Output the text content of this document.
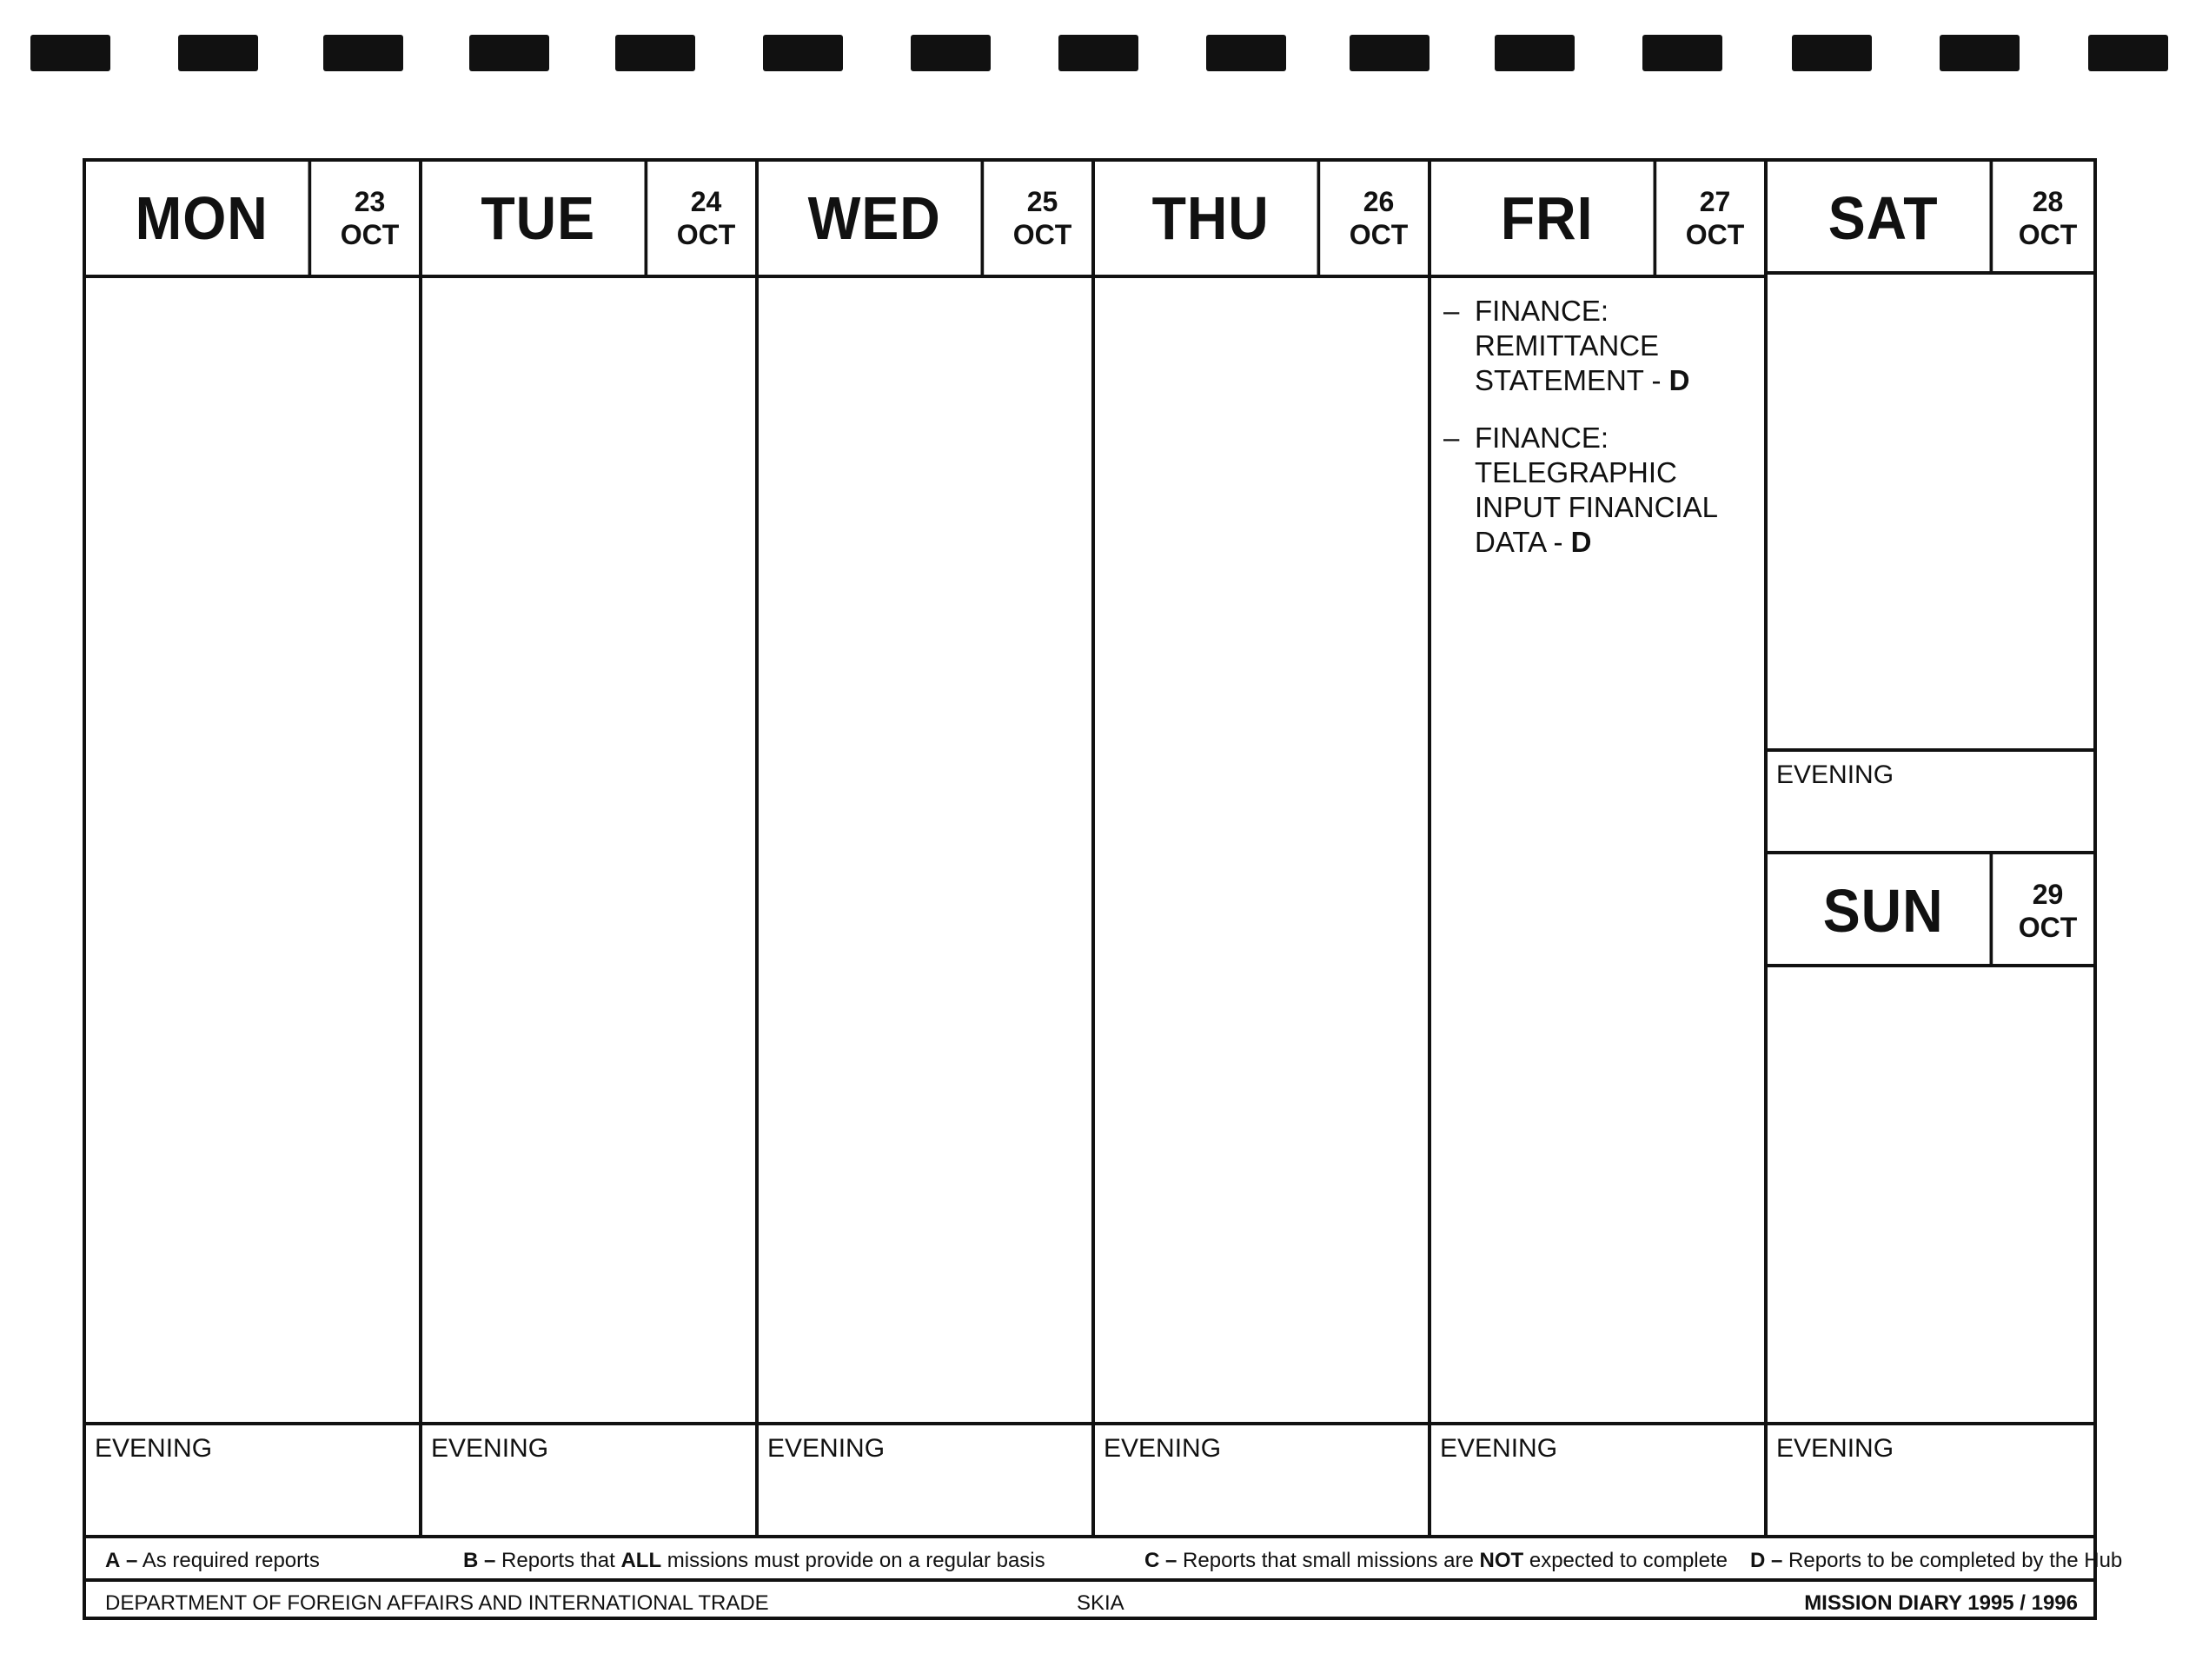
MON	23
OCT
EVENING
TUE	24
OCT
EVENING
WED	25
OCT
EVENING
THU	26
OCT
EVENING
FRI	27
OCT
– FINANCE: REMITTANCE STATEMENT - D
– FINANCE: TELEGRAPHIC INPUT FINANCIAL DATA - D
EVENING
SAT	28
OCT
EVENING
SUN	29
OCT
EVENING
A – As required reports	B – Reports that ALL missions must provide on a regular basis	C – Reports that small missions are NOT expected to complete D – Reports to be completed by the Hub
DEPARTMENT OF FOREIGN AFFAIRS AND INTERNATIONAL TRADE	SKIA	MISSION DIARY 1995 / 1996
